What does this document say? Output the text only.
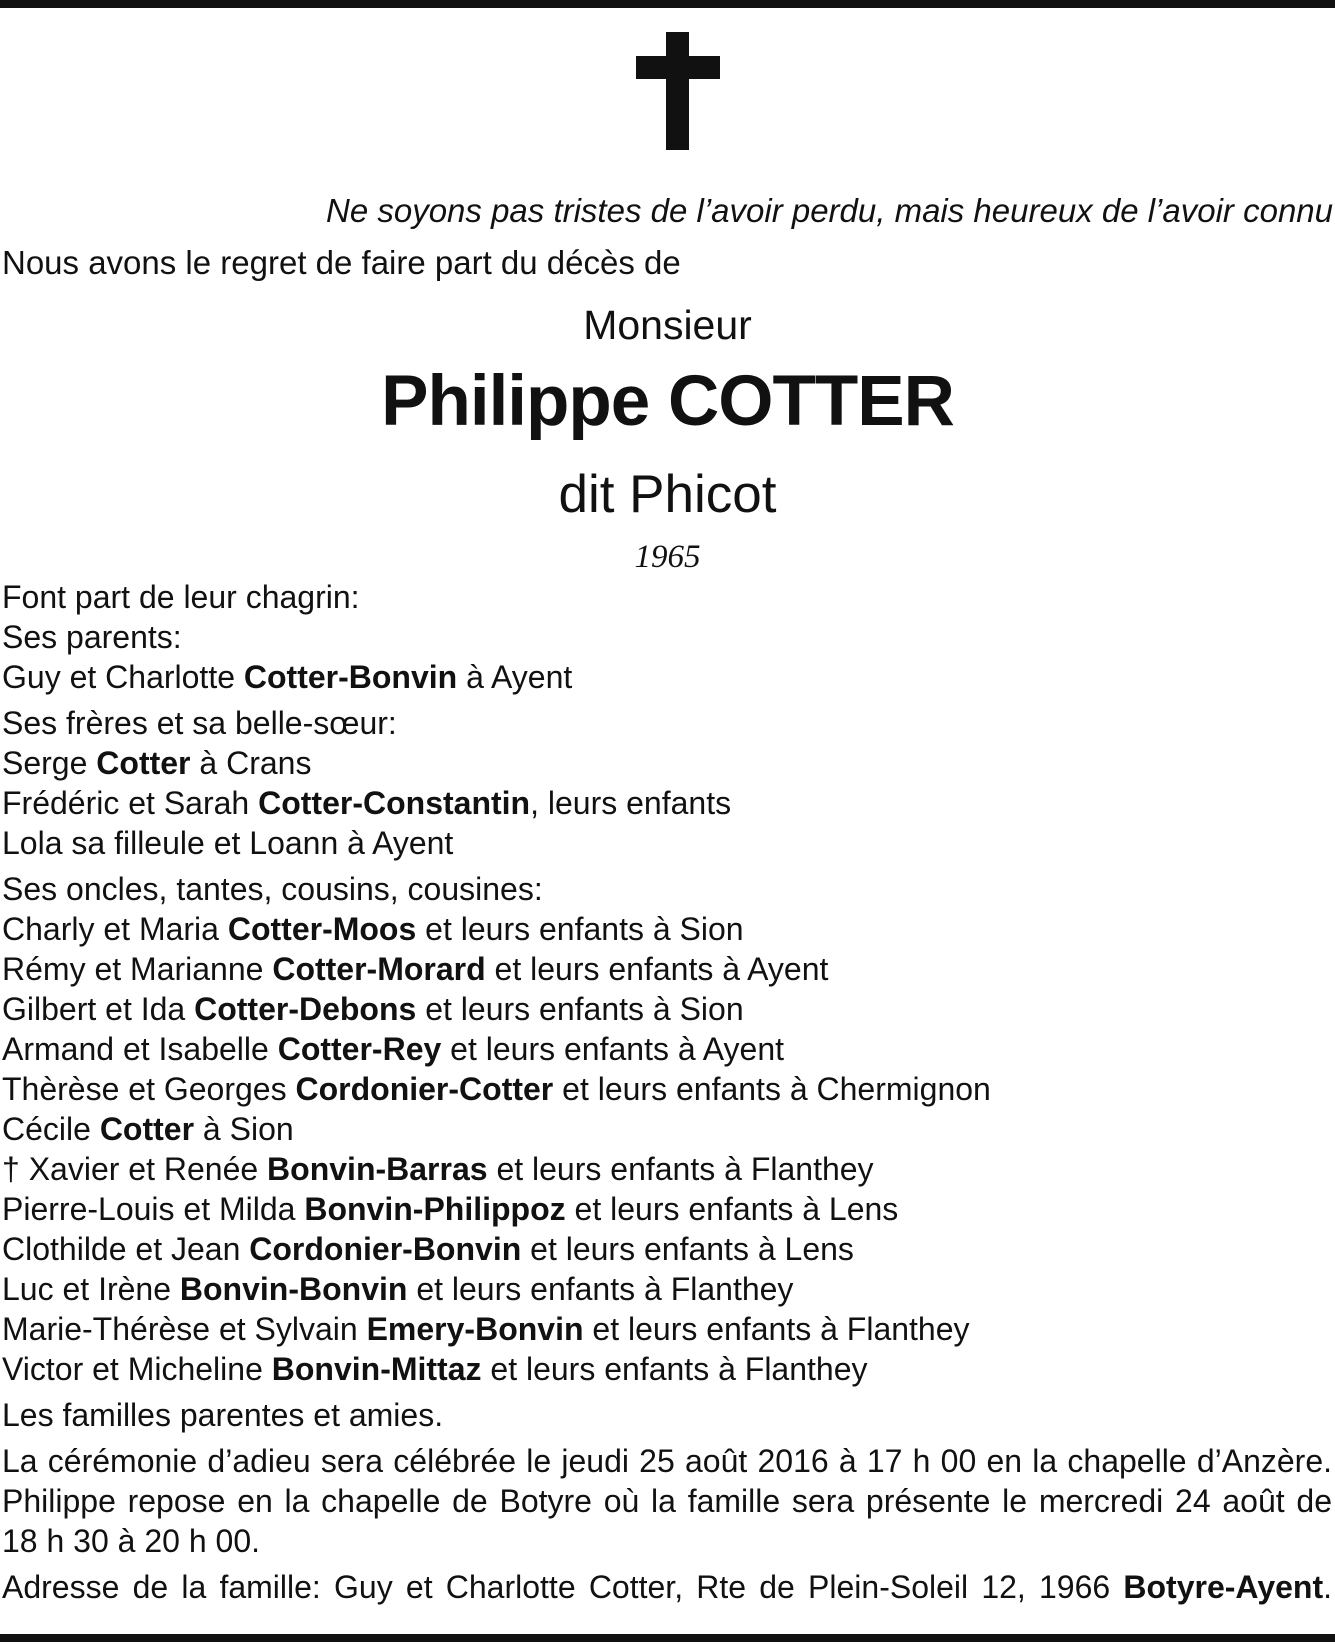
Ne soyons pas tristes de l’avoir perdu, mais heureux de l’avoir connu
Nous avons le regret de faire part du décès de
Monsieur
Philippe COTTER
dit Phicot
1965
Font part de leur chagrin:
Ses parents:
Guy et Charlotte Cotter-Bonvin à Ayent
Ses frères et sa belle-sœur:
Serge Cotter à Crans
Frédéric et Sarah Cotter-Constantin, leurs enfants
Lola sa filleule et Loann à Ayent
Ses oncles, tantes, cousins, cousines:
Charly et Maria Cotter-Moos et leurs enfants à Sion
Rémy et Marianne Cotter-Morard et leurs enfants à Ayent
Gilbert et Ida Cotter-Debons et leurs enfants à Sion
Armand et Isabelle Cotter-Rey et leurs enfants à Ayent
Thèrèse et Georges Cordonier-Cotter et leurs enfants à Chermignon
Cécile Cotter à Sion
† Xavier et Renée Bonvin-Barras et leurs enfants à Flanthey
Pierre-Louis et Milda Bonvin-Philippoz et leurs enfants à Lens
Clothilde et Jean Cordonier-Bonvin et leurs enfants à Lens
Luc et Irène Bonvin-Bonvin et leurs enfants à Flanthey
Marie-Thérèse et Sylvain Emery-Bonvin et leurs enfants à Flanthey
Victor et Micheline Bonvin-Mittaz et leurs enfants à Flanthey
Les familles parentes et amies.
La cérémonie d’adieu sera célébrée le jeudi 25 août 2016 à 17 h 00 en la chapelle d’Anzère.
Philippe repose en la chapelle de Botyre où la famille sera présente le mercredi 24 août de
18 h 30 à 20 h 00.
Adresse de la famille: Guy et Charlotte Cotter, Rte de Plein-Soleil 12, 1966 Botyre-Ayent.
